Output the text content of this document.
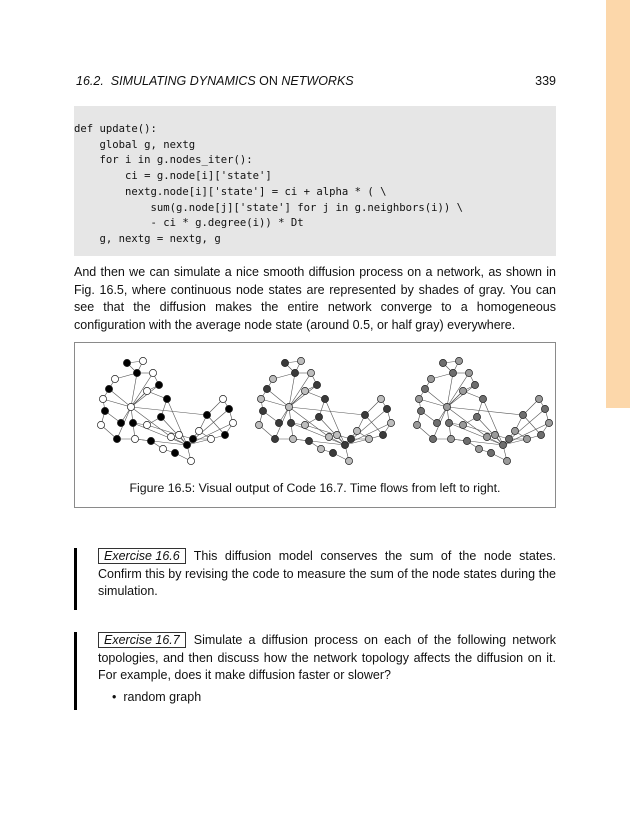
16.2. SIMULATING DYNAMICS ON NETWORKS	339
def update():
global g, nextg
for i in g.nodes_iter():
ci = g.node[i]['state']
nextg.node[i]['state'] = ci + alpha * ( \
sum(g.node[j]['state'] for j in g.neighbors(i)) \
- ci * g.degree(i)) * Dt
g, nextg = nextg, g
And then we can simulate a nice smooth diffusion process on a network, as shown in Fig. 16.5, where continuous node states are represented by shades of gray. You can see that the diffusion makes the entire network converge to a homogeneous configuration with the average node state (around 0.5, or half gray) everywhere.
Figure 16.5: Visual output of Code 16.7. Time flows from left to right.
Exercise 16.6 This diffusion model conserves the sum of the node states. Confirm this by revising the code to measure the sum of the node states during the simulation.
Exercise 16.7 Simulate a diffusion process on each of the following network topologies, and then discuss how the network topology affects the diffusion on it. For example, does it make diffusion faster or slower?
•  random graph
